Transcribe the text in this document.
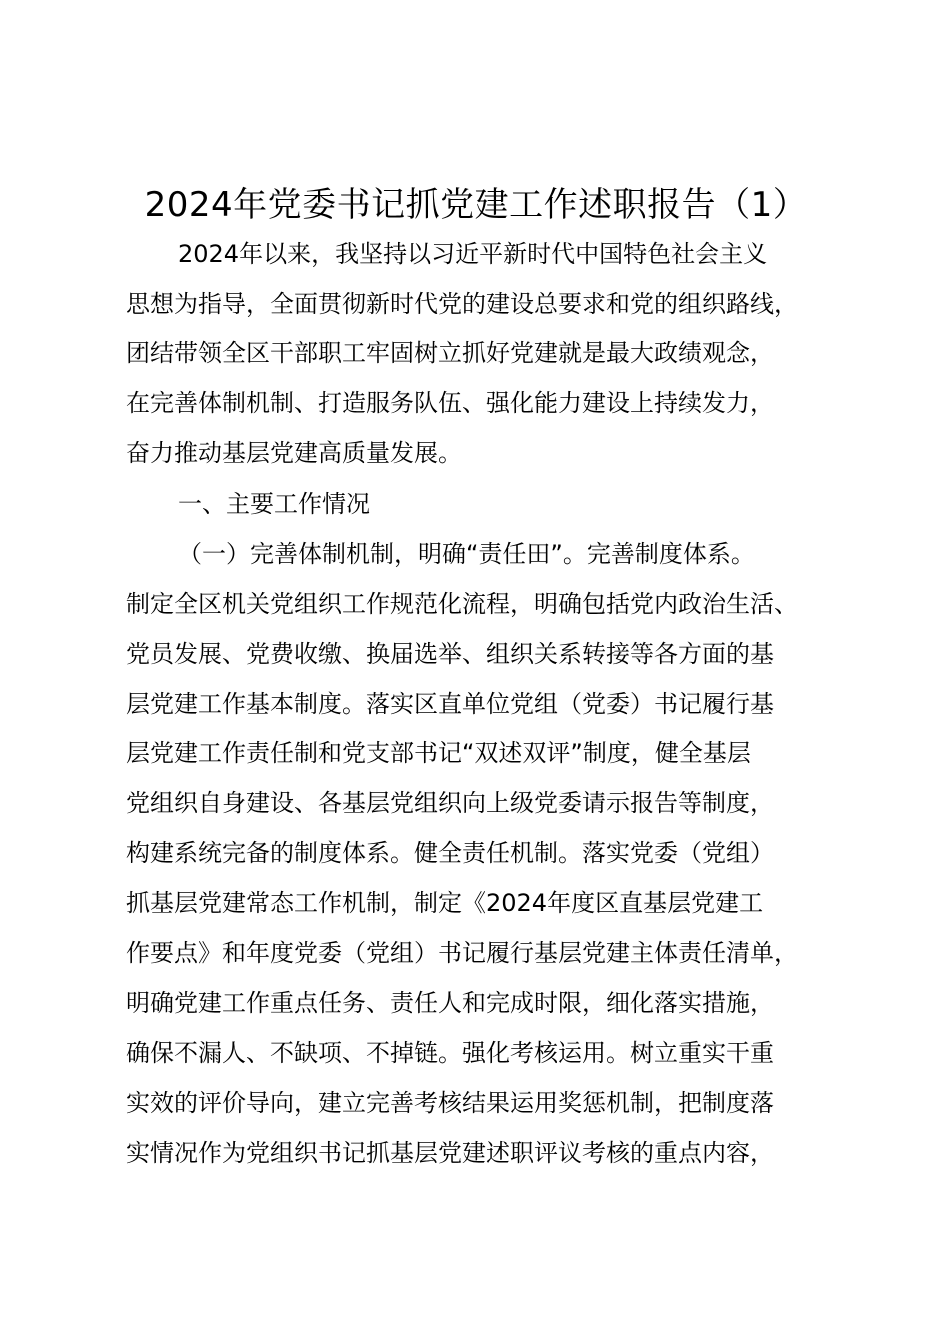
2024年党委书记抓党建工作述职报告（1）

2024年以来，我坚持以习近平新时代中国特色社会主义

思想为指导，全面贯彻新时代党的建设总要求和党的组织路线，

团结带领全区干部职工牢固树立抓好党建就是最大政绩观念，

在完善体制机制、打造服务队伍、强化能力建设上持续发力，

奋力推动基层党建高质量发展。

一、主要工作情况

（一）完善体制机制，明确“责任田”。完善制度体系。

制定全区机关党组织工作规范化流程，明确包括党内政治生活、

党员发展、党费收缴、换届选举、组织关系转接等各方面的基

层党建工作基本制度。落实区直单位党组（党委）书记履行基

层党建工作责任制和党支部书记“双述双评”制度，健全基层

党组织自身建设、各基层党组织向上级党委请示报告等制度，

构建系统完备的制度体系。健全责任机制。落实党委（党组）

抓基层党建常态工作机制，制定《2024年度区直基层党建工

作要点》和年度党委（党组）书记履行基层党建主体责任清单，

明确党建工作重点任务、责任人和完成时限，细化落实措施，

确保不漏人、不缺项、不掉链。强化考核运用。树立重实干重

实效的评价导向，建立完善考核结果运用奖惩机制，把制度落

实情况作为党组织书记抓基层党建述职评议考核的重点内容，
